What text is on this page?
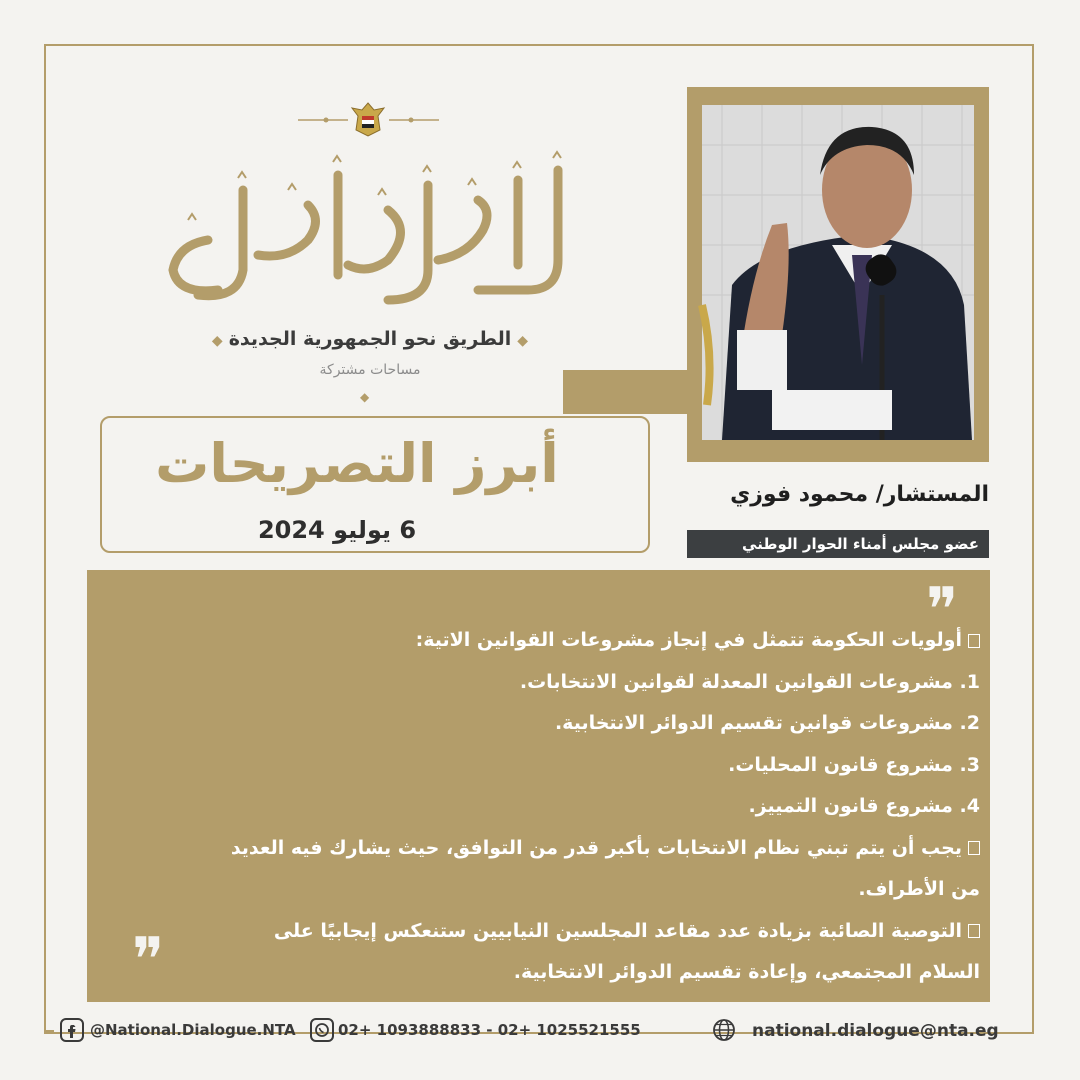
الحوار الوطني
◆الطريق نحو الجمهورية الجديدة◆
مساحات مشتركة
◆
أبرز التصريحات
6 يوليو 2024
المستشار/ محمود فوزي
عضو مجلس أمناء الحوار الوطني
❞
❞
أولويات الحكومة تتمثل في إنجاز مشروعات القوانين الاتية:
1. مشروعات القوانين المعدلة لقوانين الانتخابات.
2. مشروعات قوانين تقسيم الدوائر الانتخابية.
3. مشروع قانون المحليات.
4. مشروع قانون التمييز.
يجب أن يتم تبني نظام الانتخابات بأكبر قدر من التوافق، حيث يشارك فيه العديد
من الأطراف.
التوصية الصائبة بزيادة عدد مقاعد المجلسين النيابيين ستنعكس إيجابيًا على
السلام المجتمعي، وإعادة تقسيم الدوائر الانتخابية.
@National.Dialogue.NTA	02+ 1093888833 - 02+ 1025521555	national.dialogue@nta.eg
